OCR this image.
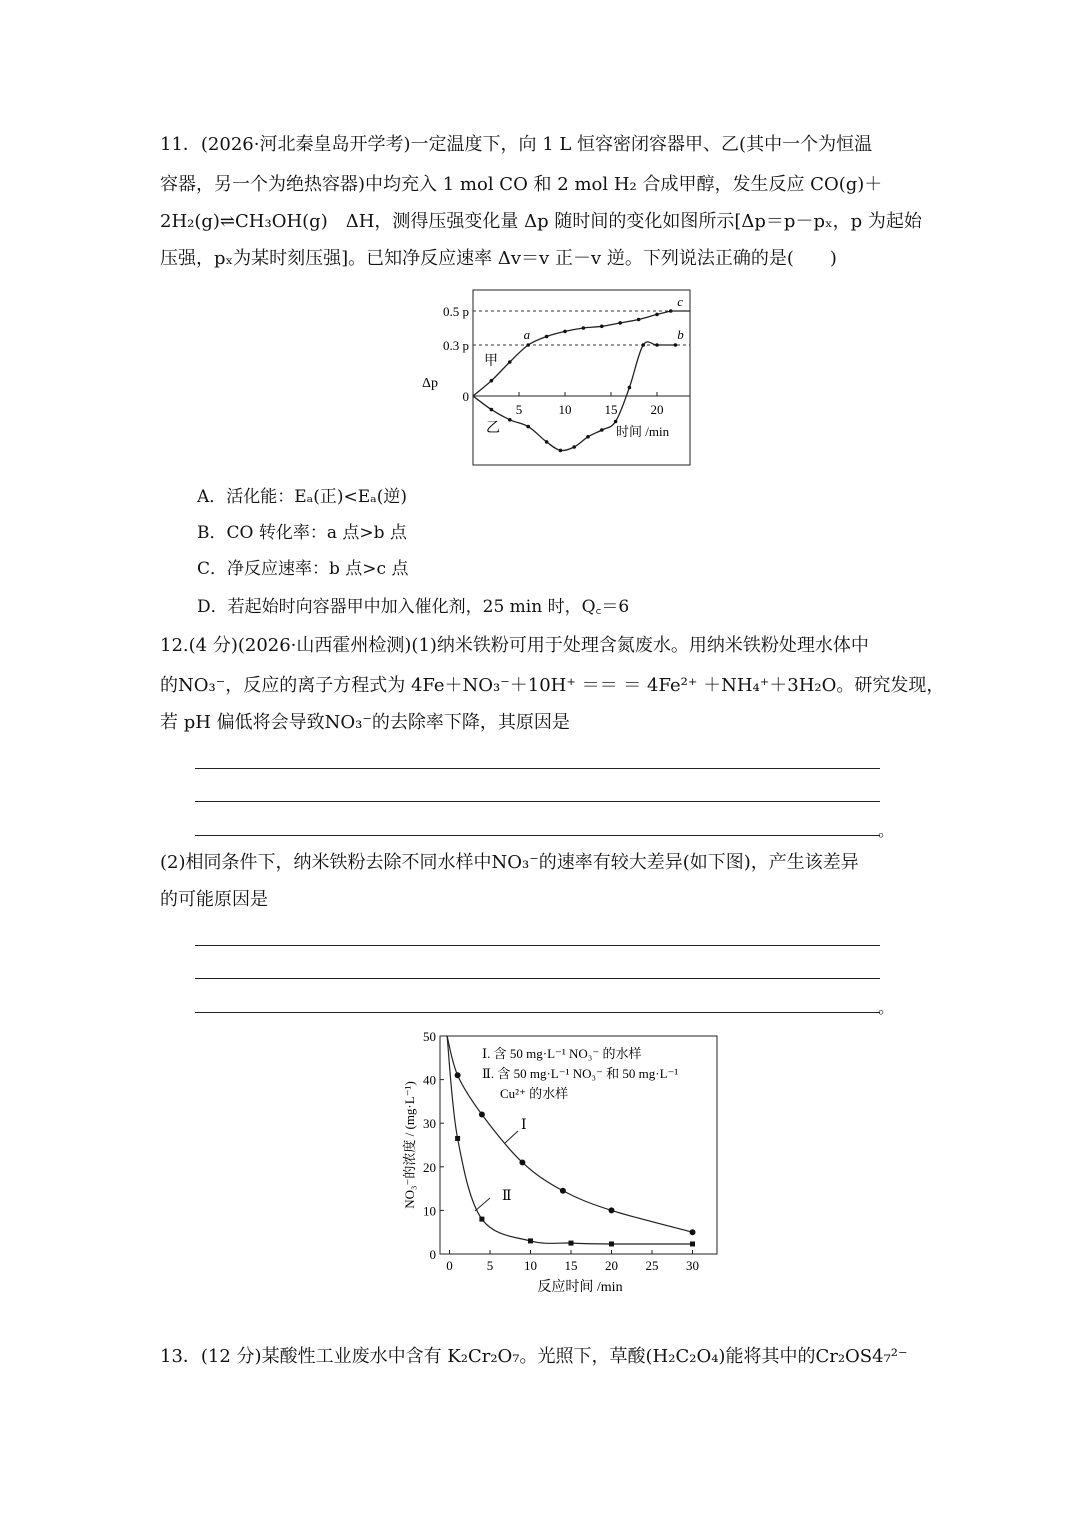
11．(2026·河北秦皇岛开学考)一定温度下，向 1 L 恒容密闭容器甲、乙(其中一个为恒温
容器，另一个为绝热容器)中均充入 1 mol CO 和 2 mol H₂ 合成甲醇，发生反应 CO(g)＋
2H₂(g)⇌CH₃OH(g)　ΔH，测得压强变化量 Δp 随时间的变化如图所示[Δp＝p－pₓ，p 为起始
压强，pₓ为某时刻压强]。已知净反应速率 Δv＝v 正－v 逆。下列说法正确的是(　　)
0.5 p
0.3 p
0
Δp
5	10	15	20
时间 /min
甲
乙
a	b
c
A．活化能：Eₐ(正)<Eₐ(逆)
B．CO 转化率：a 点>b 点
C．净反应速率：b 点>c 点
D．若起始时向容器甲中加入催化剂，25 min 时，Q꜀＝6
12.(4 分)(2026·山西霍州检测)(1)纳米铁粉可用于处理含氮废水。用纳米铁粉处理水体中
的NO₃⁻，反应的离子方程式为 4Fe＋NO₃⁻＋10H⁺ ＝＝ ＝ 4Fe²⁺ ＋NH₄⁺＋3H₂O。研究发现，
若 pH 偏低将会导致NO₃⁻的去除率下降，其原因是
。
(2)相同条件下，纳米铁粉去除不同水样中NO₃⁻的速率有较大差异(如下图)，产生该差异
的可能原因是
。
0
10
20
30
40
50
0	5 10 15 20 25 30
反应时间 /min
NO₃⁻的浓度 / (mg·L⁻¹)
Ⅰ. 含 50 mg·L⁻¹ NO₃⁻ 的水样
Ⅱ. 含 50 mg·L⁻¹ NO₃⁻ 和 50 mg·L⁻¹
Cu²⁺ 的水样
Ⅰ
Ⅱ
13．(12 分)某酸性工业废水中含有 K₂Cr₂O₇。光照下，草酸(H₂C₂O₄)能将其中的Cr₂OS4₇²⁻
